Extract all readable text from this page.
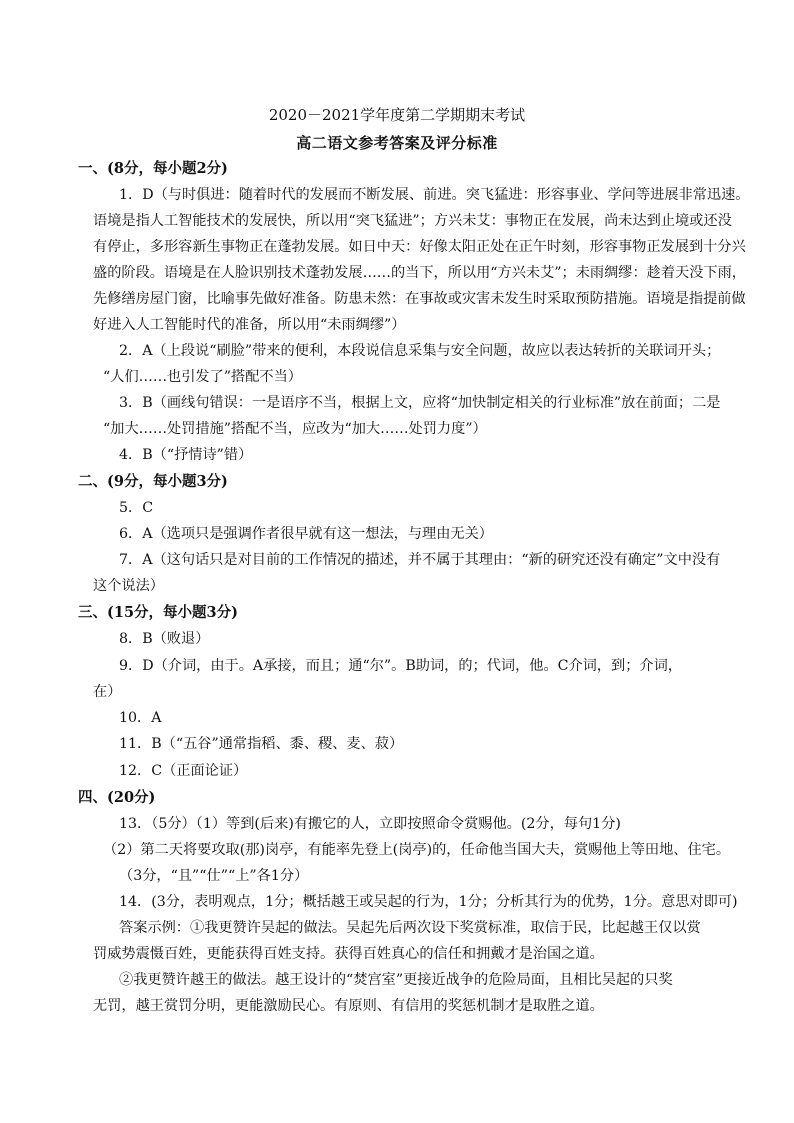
2020－2021学年度第二学期期末考试
高二语文参考答案及评分标准
一、(8分，每小题2分)
1．D（与时俱进：随着时代的发展而不断发展、前进。突飞猛进：形容事业、学问等进展非常迅速。
语境是指人工智能技术的发展快，所以用“突飞猛进”；方兴未艾：事物正在发展，尚未达到止境或还没
有停止，多形容新生事物正在蓬勃发展。如日中天：好像太阳正处在正午时刻，形容事物正发展到十分兴
盛的阶段。语境是在人脸识别技术蓬勃发展……的当下，所以用“方兴未艾”；未雨绸缪：趁着天没下雨，
先修缮房屋门窗，比喻事先做好准备。防患未然：在事故或灾害未发生时采取预防措施。语境是指提前做
好进入人工智能时代的准备，所以用“未雨绸缪”）
2．A（上段说“刷脸”带来的便利，本段说信息采集与安全问题，故应以表达转折的关联词开头；
“人们……也引发了”搭配不当）
3．B（画线句错误：一是语序不当，根据上文，应将“加快制定相关的行业标准”放在前面；二是
“加大……处罚措施”搭配不当，应改为“加大……处罚力度”）
4．B（“抒情诗”错）
二、(9分，每小题3分)
5．C
6．A（选项只是强调作者很早就有这一想法，与理由无关）
7．A（这句话只是对目前的工作情况的描述，并不属于其理由：“新的研究还没有确定”文中没有
这个说法）
三、(15分，每小题3分)
8．B（败退）
9．D（介词，由于。A承接，而且；通“尔”。B助词，的；代词，他。C介词，到；介词，
在）
10．A
11．B（“五谷”通常指稻、黍、稷、麦、菽）
12．C（正面论证）
四、(20分)
13．（5分）（1）等到(后来)有搬它的人，立即按照命令赏赐他。(2分，每句1分)
（2）第二天将要攻取(那)岗亭，有能率先登上(岗亭)的，任命他当国大夫，赏赐他上等田地、住宅。
（3分，“且”“仕”“上”各1分）
14．(3分，表明观点，1分；概括越王或吴起的行为，1分；分析其行为的优势，1分。意思对即可)
答案示例：①我更赞许吴起的做法。吴起先后两次设下奖赏标准，取信于民，比起越王仅以赏
罚威势震慑百姓，更能获得百姓支持。获得百姓真心的信任和拥戴才是治国之道。
②我更赞许越王的做法。越王设计的“焚宫室”更接近战争的危险局面，且相比吴起的只奖
无罚，越王赏罚分明，更能激励民心。有原则、有信用的奖惩机制才是取胜之道。
